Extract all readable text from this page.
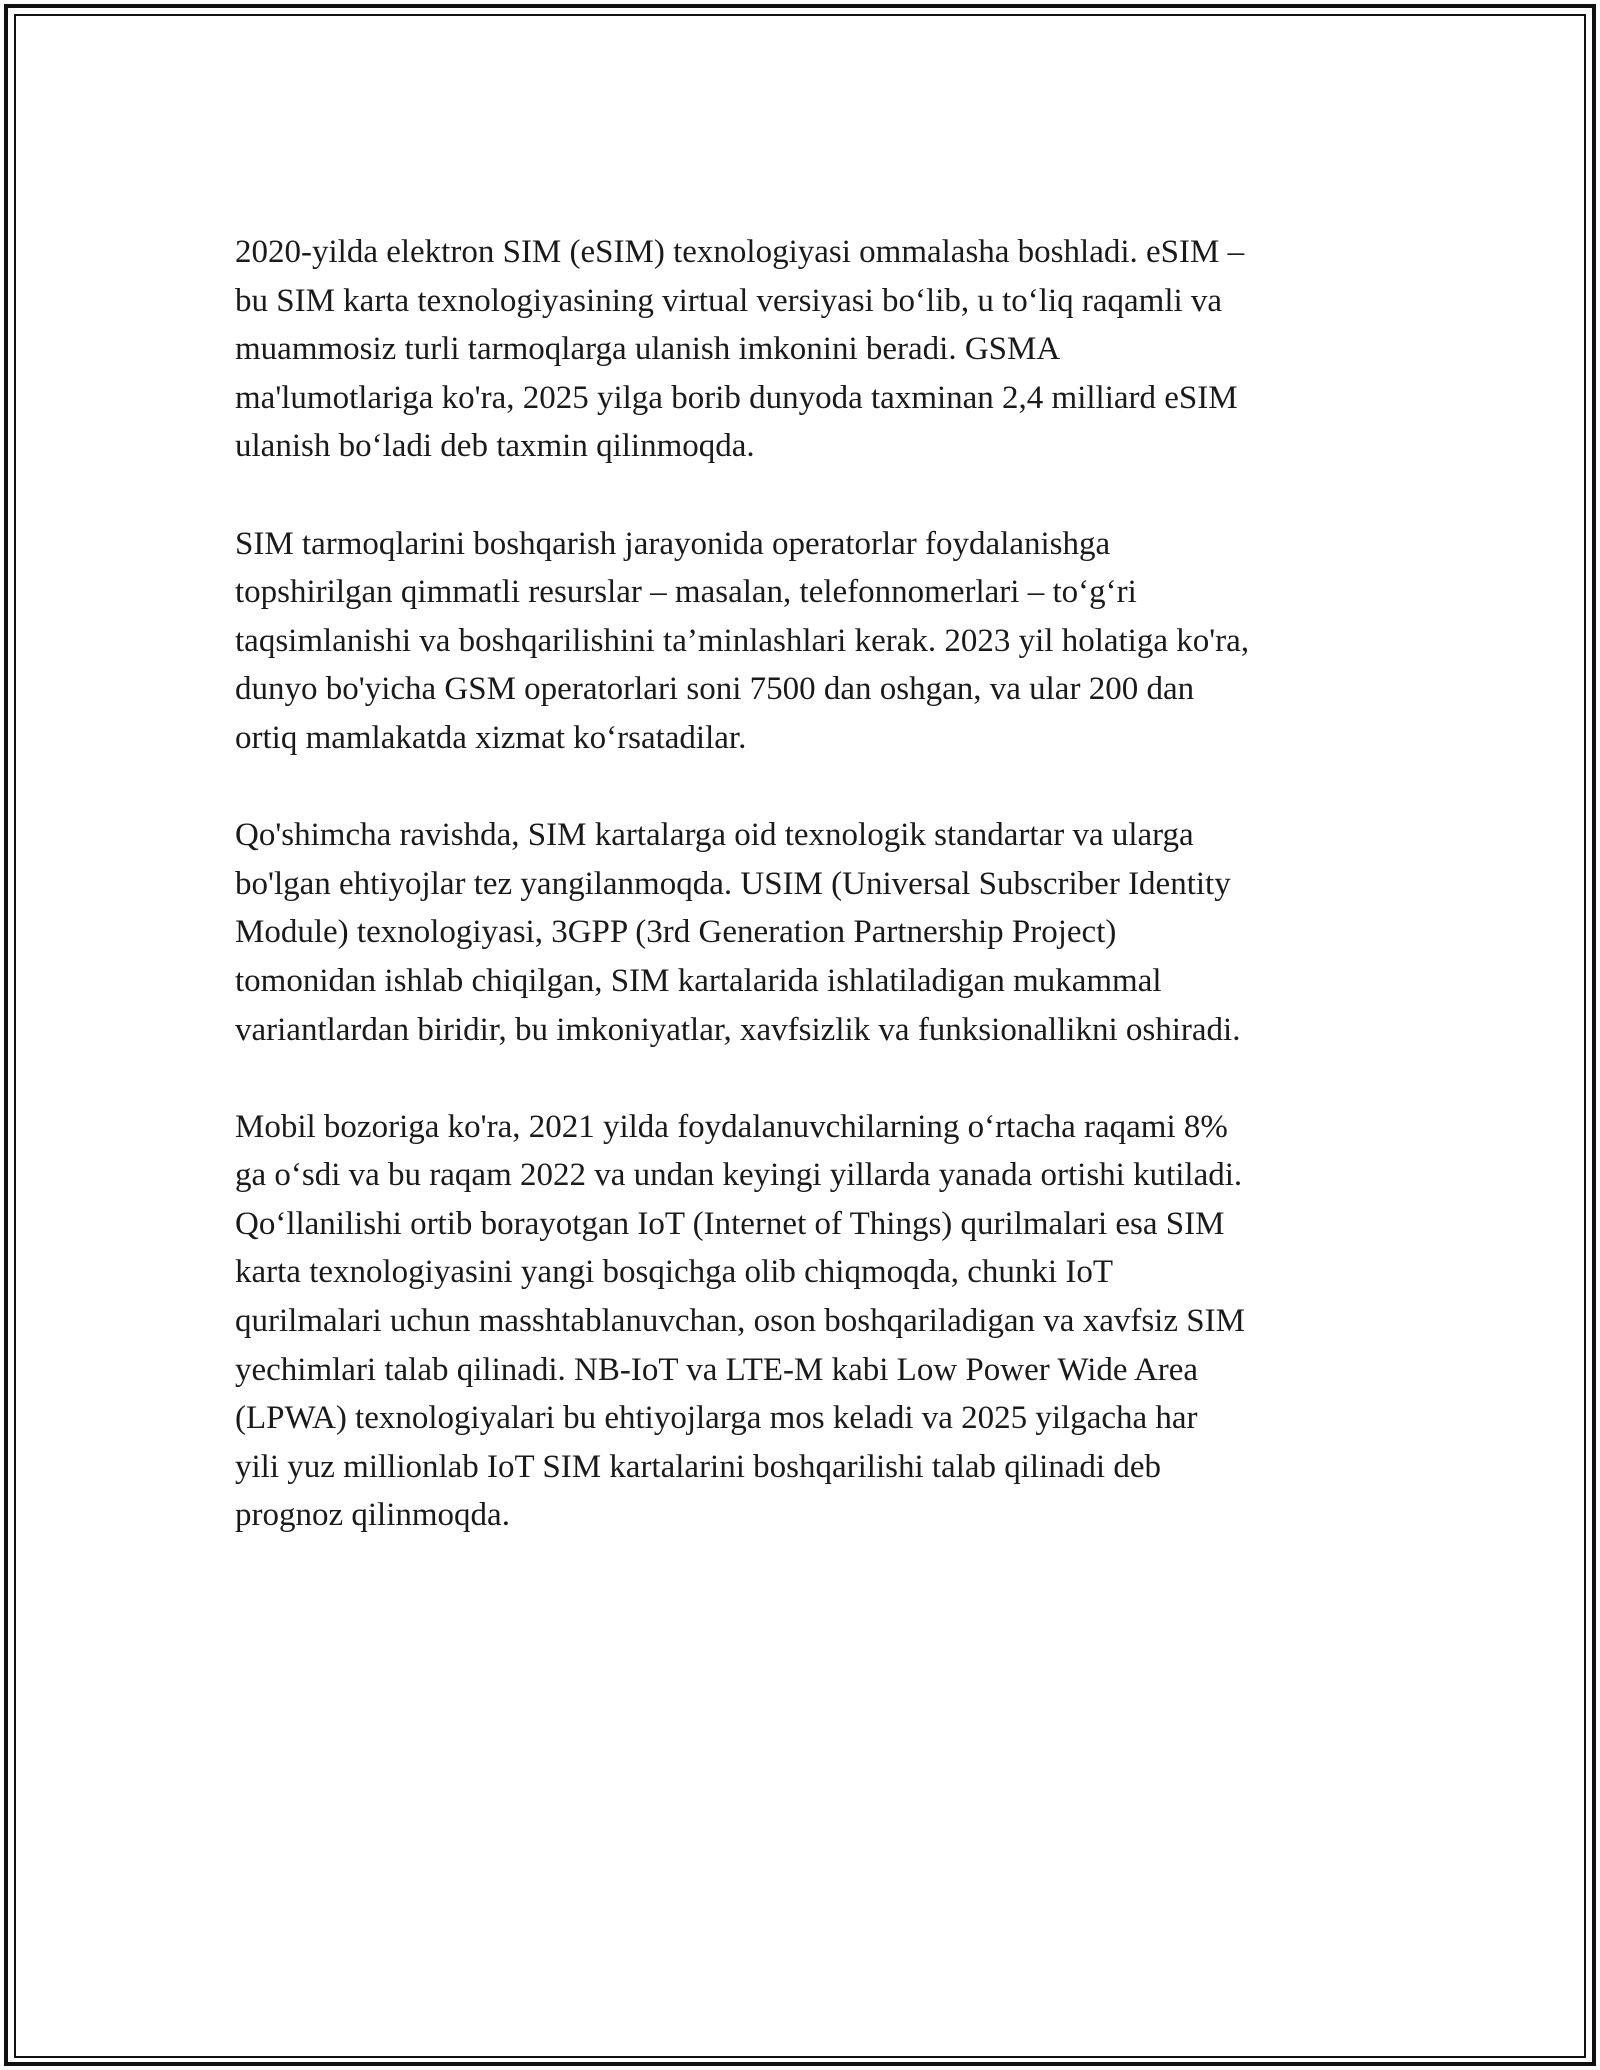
2020-yilda elektron SIM (eSIM) texnologiyasi ommalasha boshladi. eSIM –
bu SIM karta texnologiyasining virtual versiyasi bo‘lib, u to‘liq raqamli va
muammosiz turli tarmoqlarga ulanish imkonini beradi. GSMA
ma'lumotlariga ko'ra, 2025 yilga borib dunyoda taxminan 2,4 milliard eSIM
ulanish bo‘ladi deb taxmin qilinmoqda.

SIM tarmoqlarini boshqarish jarayonida operatorlar foydalanishga
topshirilgan qimmatli resurslar – masalan, telefonnomerlari – to‘g‘ri
taqsimlanishi va boshqarilishini ta’minlashlari kerak. 2023 yil holatiga ko'ra,
dunyo bo'yicha GSM operatorlari soni 7500 dan oshgan, va ular 200 dan
ortiq mamlakatda xizmat ko‘rsatadilar.

Qo'shimcha ravishda, SIM kartalarga oid texnologik standartar va ularga
bo'lgan ehtiyojlar tez yangilanmoqda. USIM (Universal Subscriber Identity
Module) texnologiyasi, 3GPP (3rd Generation Partnership Project)
tomonidan ishlab chiqilgan, SIM kartalarida ishlatiladigan mukammal
variantlardan biridir, bu imkoniyatlar, xavfsizlik va funksionallikni oshiradi.

Mobil bozoriga ko'ra, 2021 yilda foydalanuvchilarning o‘rtacha raqami 8%
ga o‘sdi va bu raqam 2022 va undan keyingi yillarda yanada ortishi kutiladi.
Qo‘llanilishi ortib borayotgan IoT (Internet of Things) qurilmalari esa SIM
karta texnologiyasini yangi bosqichga olib chiqmoqda, chunki IoT
qurilmalari uchun masshtablanuvchan, oson boshqariladigan va xavfsiz SIM
yechimlari talab qilinadi. NB-IoT va LTE-M kabi Low Power Wide Area
(LPWA) texnologiyalari bu ehtiyojlarga mos keladi va 2025 yilgacha har
yili yuz millionlab IoT SIM kartalarini boshqarilishi talab qilinadi deb
prognoz qilinmoqda.
